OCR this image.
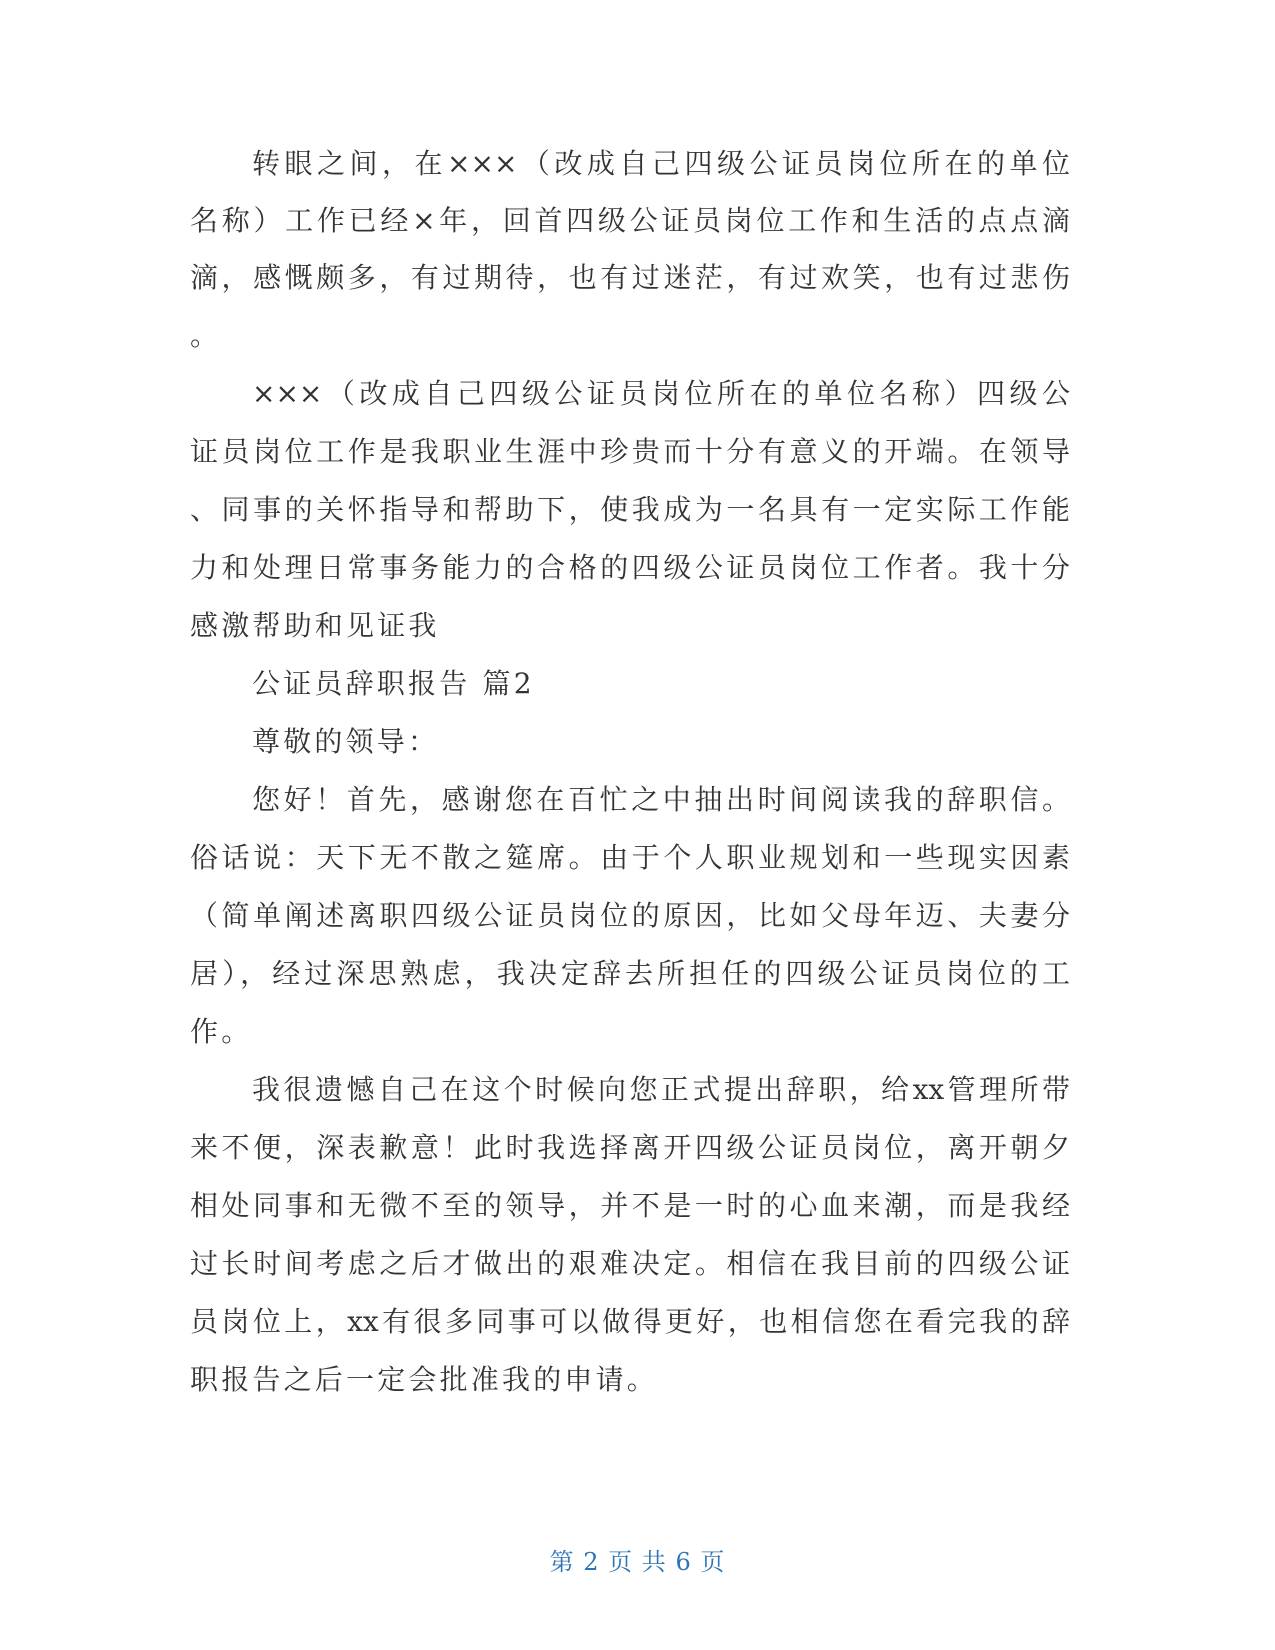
转眼之间，在×××（改成自己四级公证员岗位所在的单位
名称）工作已经×年，回首四级公证员岗位工作和生活的点点滴
滴，感慨颇多，有过期待，也有过迷茫，有过欢笑，也有过悲伤
。
×××（改成自己四级公证员岗位所在的单位名称）四级公
证员岗位工作是我职业生涯中珍贵而十分有意义的开端。在领导
、同事的关怀指导和帮助下，使我成为一名具有一定实际工作能
力和处理日常事务能力的合格的四级公证员岗位工作者。我十分
感激帮助和见证我
公证员辞职报告 篇2
尊敬的领导：
您好！首先，感谢您在百忙之中抽出时间阅读我的辞职信。
俗话说：天下无不散之筵席。由于个人职业规划和一些现实因素
（简单阐述离职四级公证员岗位的原因，比如父母年迈、夫妻分
居），经过深思熟虑，我决定辞去所担任的四级公证员岗位的工
作。
我很遗憾自己在这个时候向您正式提出辞职，给xx管理所带
来不便，深表歉意！此时我选择离开四级公证员岗位，离开朝夕
相处同事和无微不至的领导，并不是一时的心血来潮，而是我经
过长时间考虑之后才做出的艰难决定。相信在我目前的四级公证
员岗位上，xx有很多同事可以做得更好，也相信您在看完我的辞
职报告之后一定会批准我的申请。
第 2 页 共 6 页
